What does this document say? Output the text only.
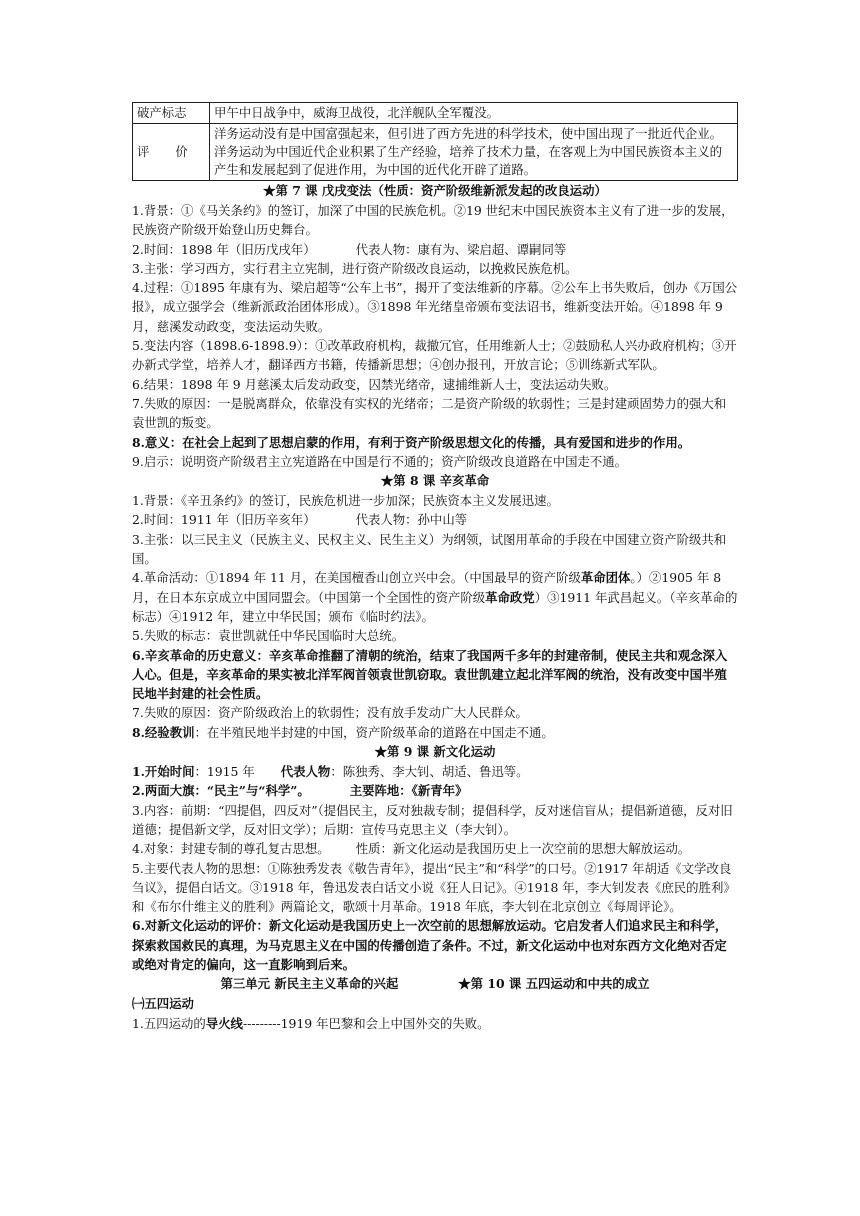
破产标志	甲午中日战争中，威海卫战役，北洋舰队全军覆没。
评 价	洋务运动没有是中国富强起来，但引进了西方先进的科学技术，使中国出现了一批近代企业。洋务运动为中国近代企业积累了生产经验，培养了技术力量，在客观上为中国民族资本主义的产生和发展起到了促进作用，为中国的近代化开辟了道路。

★第 7 课 戊戌变法（性质：资产阶级维新派发起的改良运动）

1.背景：①《马关条约》的签订，加深了中国的民族危机。②19 世纪末中国民族资本主义有了进一步的发展，民族资产阶级开始登山历史舞台。

2.时间：1898 年（旧历戊戌年）	代表人物：康有为、梁启超、谭嗣同等

3.主张：学习西方，实行君主立宪制，进行资产阶级改良运动，以挽救民族危机。

4.过程：①1895 年康有为、梁启超等“公车上书”，揭开了变法维新的序幕。②公车上书失败后，创办《万国公报》，成立强学会（维新派政治团体形成）。③1898 年光绪皇帝颁布变法诏书，维新变法开始。④1898 年 9 月，慈溪发动政变，变法运动失败。

5.变法内容（1898.6-1898.9）：①改革政府机构，裁撤冗官，任用维新人士；②鼓励私人兴办政府机构；③开办新式学堂，培养人才，翻译西方书籍，传播新思想；④创办报刊，开放言论；⑤训练新式军队。

6.结果：1898 年 9 月慈溪太后发动政变，囚禁光绪帝，逮捕维新人士，变法运动失败。

7.失败的原因：一是脱离群众，依靠没有实权的光绪帝；二是资产阶级的软弱性；三是封建顽固势力的强大和袁世凯的叛变。

8.意义：在社会上起到了思想启蒙的作用，有利于资产阶级思想文化的传播，具有爱国和进步的作用。

9.启示：说明资产阶级君主立宪道路在中国是行不通的；资产阶级改良道路在中国走不通。

★第 8 课 辛亥革命

1.背景：《辛丑条约》的签订，民族危机进一步加深；民族资本主义发展迅速。

2.时间：1911 年（旧历辛亥年）	代表人物：孙中山等

3.主张：以三民主义（民族主义、民权主义、民生主义）为纲领，试图用革命的手段在中国建立资产阶级共和国。

4.革命活动：①1894 年 11 月，在美国檀香山创立兴中会。（中国最早的资产阶级革命团体。）②1905 年 8 月，在日本东京成立中国同盟会。（中国第一个全国性的资产阶级革命政党）③1911 年武昌起义。（辛亥革命的标志）④1912 年，建立中华民国；颁布《临时约法》。

5.失败的标志：袁世凯就任中华民国临时大总统。

6.辛亥革命的历史意义：辛亥革命推翻了清朝的统治，结束了我国两千多年的封建帝制，使民主共和观念深入人心。但是，辛亥革命的果实被北洋军阀首领袁世凯窃取。袁世凯建立起北洋军阀的统治，没有改变中国半殖民地半封建的社会性质。

7.失败的原因：资产阶级政治上的软弱性；没有放手发动广大人民群众。

8.经验教训：在半殖民地半封建的中国，资产阶级革命的道路在中国走不通。

★第 9 课 新文化运动

1.开始时间：1915 年 代表人物：陈独秀、李大钊、胡适、鲁迅等。

2.两面大旗：“民主”与“科学”。	主要阵地：《新青年》

3.内容：前期：“四提倡，四反对”（提倡民主，反对独裁专制；提倡科学，反对迷信盲从；提倡新道德，反对旧道德；提倡新文学，反对旧文学）；后期：宣传马克思主义（李大钊）。

4.对象：封建专制的尊孔复古思想。 性质：新文化运动是我国历史上一次空前的思想大解放运动。

5.主要代表人物的思想：①陈独秀发表《敬告青年》，提出“民主”和“科学”的口号。②1917 年胡适《文学改良刍议》，提倡白话文。③1918 年，鲁迅发表白话文小说《狂人日记》。④1918 年，李大钊发表《庶民的胜利》和《布尔什维主义的胜利》两篇论文，歌颂十月革命。1918 年底，李大钊在北京创立《每周评论》。

6.对新文化运动的评价：新文化运动是我国历史上一次空前的思想解放运动。它启发者人们追求民主和科学，探索救国救民的真理，为马克思主义在中国的传播创造了条件。不过，新文化运动中也对东西方文化绝对否定或绝对肯定的偏向，这一直影响到后来。

第三单元 新民主主义革命的兴起	★第 10 课 五四运动和中共的成立

㈠五四运动

1.五四运动的导火线---------1919 年巴黎和会上中国外交的失败。
